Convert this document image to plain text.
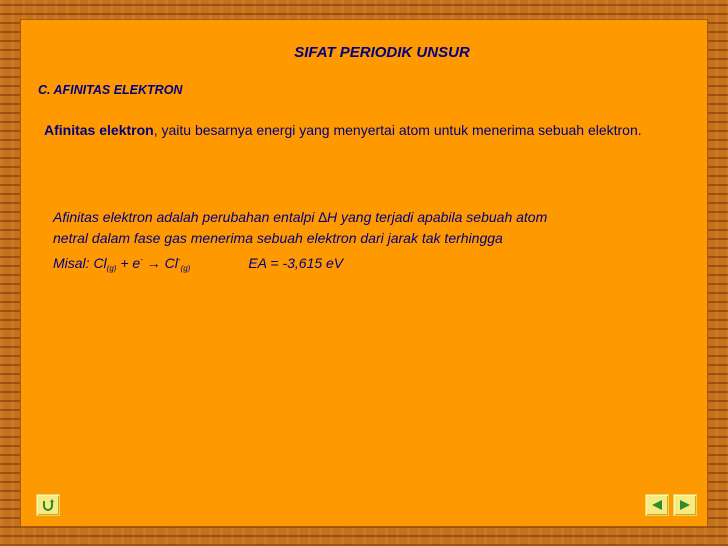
SIFAT PERIODIK UNSUR
C. AFINITAS ELEKTRON

Afinitas elektron, yaitu besarnya energi yang menyertai atom untuk menerima sebuah elektron.

Afinitas elektron adalah perubahan entalpi ∆H yang terjadi apabila sebuah atom

netral dalam fase gas menerima sebuah elektron dari jarak tak terhingga

Misal: $Cl_{(g)} + e^- \to Cl^-_{(g)}$	EA = -3,615 eV
